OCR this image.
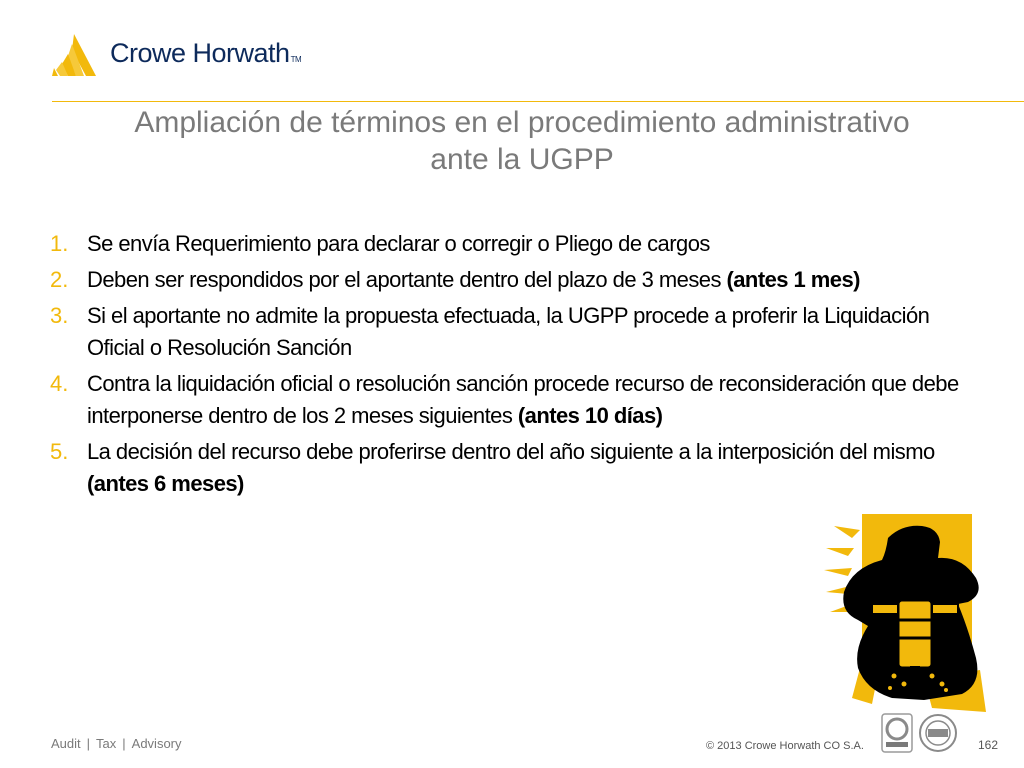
Crowe HorwathTM
Ampliación de términos en el procedimiento administrativo
ante la UGPP
1. Se envía Requerimiento para declarar o corregir o Pliego de cargos
2. Deben ser respondidos por el aportante dentro del plazo de 3 meses (antes 1 mes)
3. Si el aportante no admite la propuesta efectuada, la UGPP procede a proferir la Liquidación Oficial o Resolución Sanción
4. Contra la liquidación oficial o resolución sanción procede recurso de reconsideración que debe interponerse dentro de los 2 meses siguientes (antes 10 días)
5. La decisión del recurso debe proferirse dentro del año siguiente a la interposición del mismo (antes 6 meses)
Audit | Tax | Advisory	© 2013 Crowe Horwath CO S.A.	162
